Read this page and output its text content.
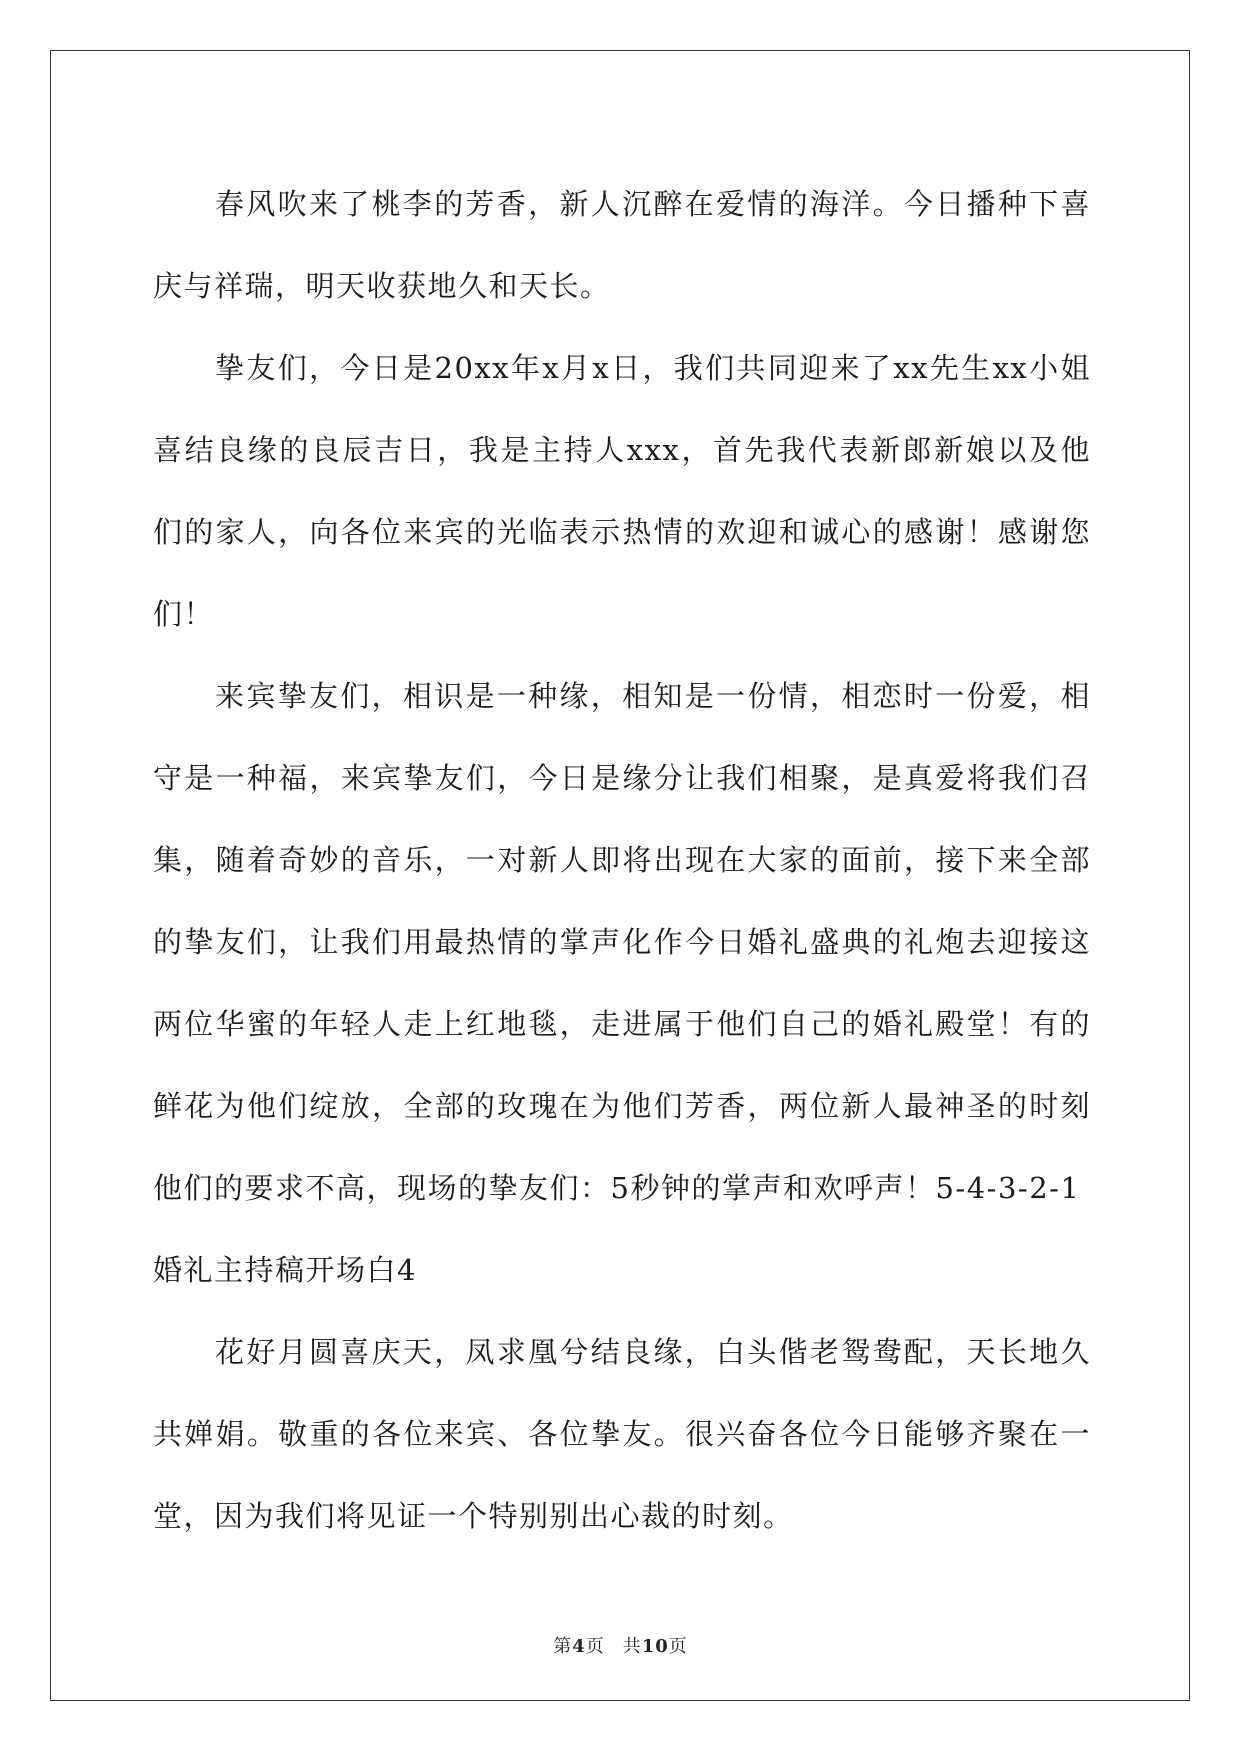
春风吹来了桃李的芳香，新人沉醉在爱情的海洋。今日播种下喜庆与祥瑞，明天收获地久和天长。

挚友们，今日是20xx年x月x日，我们共同迎来了xx先生xx小姐喜结良缘的良辰吉日，我是主持人xxx，首先我代表新郎新娘以及他们的家人，向各位来宾的光临表示热情的欢迎和诚心的感谢！感谢您们！

来宾挚友们，相识是一种缘，相知是一份情，相恋时一份爱，相守是一种福，来宾挚友们，今日是缘分让我们相聚，是真爱将我们召集，随着奇妙的音乐，一对新人即将出现在大家的面前，接下来全部的挚友们，让我们用最热情的掌声化作今日婚礼盛典的礼炮去迎接这两位华蜜的年轻人走上红地毯，走进属于他们自己的婚礼殿堂！有的鲜花为他们绽放，全部的玫瑰在为他们芳香，两位新人最神圣的时刻他们的要求不高，现场的挚友们：5秒钟的掌声和欢呼声！5-4-3-2-1

婚礼主持稿开场白4

花好月圆喜庆天，凤求凰兮结良缘，白头偕老鸳鸯配，天长地久共婵娟。敬重的各位来宾、各位挚友。很兴奋各位今日能够齐聚在一堂，因为我们将见证一个特别别出心裁的时刻。

第4页 共10页
